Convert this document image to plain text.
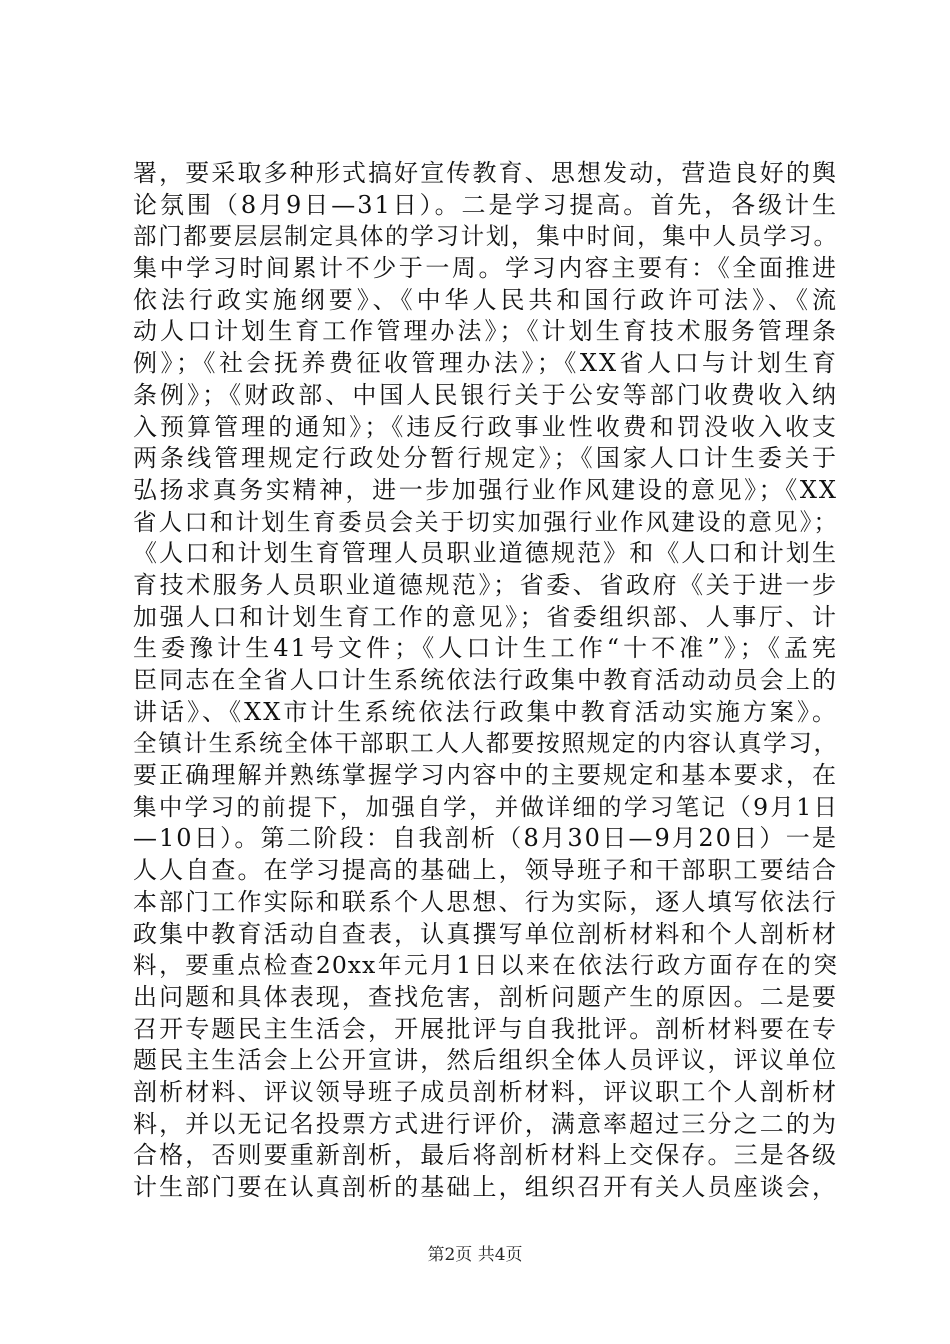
署，要采取多种形式搞好宣传教育、思想发动，营造良好的舆
论氛围（8月9日—31日）。二是学习提高。首先，各级计生
部门都要层层制定具体的学习计划，集中时间，集中人员学习。
集中学习时间累计不少于一周。学习内容主要有：《全面推进
依法行政实施纲要》、《中华人民共和国行政许可法》、《流
动人口计划生育工作管理办法》；《计划生育技术服务管理条
例》；《社会抚养费征收管理办法》；《XX省人口与计划生育
条例》；《财政部、中国人民银行关于公安等部门收费收入纳
入预算管理的通知》；《违反行政事业性收费和罚没收入收支
两条线管理规定行政处分暂行规定》；《国家人口计生委关于
弘扬求真务实精神，进一步加强行业作风建设的意见》；《XX
省人口和计划生育委员会关于切实加强行业作风建设的意见》；
《人口和计划生育管理人员职业道德规范》和《人口和计划生
育技术服务人员职业道德规范》；省委、省政府《关于进一步
加强人口和计划生育工作的意见》；省委组织部、人事厅、计
生委豫计生41号文件；《人口计生工作“十不准”》；《孟宪
臣同志在全省人口计生系统依法行政集中教育活动动员会上的
讲话》、《XX市计生系统依法行政集中教育活动实施方案》。
全镇计生系统全体干部职工人人都要按照规定的内容认真学习，
要正确理解并熟练掌握学习内容中的主要规定和基本要求，在
集中学习的前提下，加强自学，并做详细的学习笔记（9月1日
—10日）。第二阶段：自我剖析（8月30日—9月20日）一是
人人自查。在学习提高的基础上，领导班子和干部职工要结合
本部门工作实际和联系个人思想、行为实际，逐人填写依法行
政集中教育活动自查表，认真撰写单位剖析材料和个人剖析材
料，要重点检查20xx年元月1日以来在依法行政方面存在的突
出问题和具体表现，查找危害，剖析问题产生的原因。二是要
召开专题民主生活会，开展批评与自我批评。剖析材料要在专
题民主生活会上公开宣讲，然后组织全体人员评议，评议单位
剖析材料、评议领导班子成员剖析材料，评议职工个人剖析材
料，并以无记名投票方式进行评价，满意率超过三分之二的为
合格，否则要重新剖析，最后将剖析材料上交保存。三是各级
计生部门要在认真剖析的基础上，组织召开有关人员座谈会，
第2页 共4页
